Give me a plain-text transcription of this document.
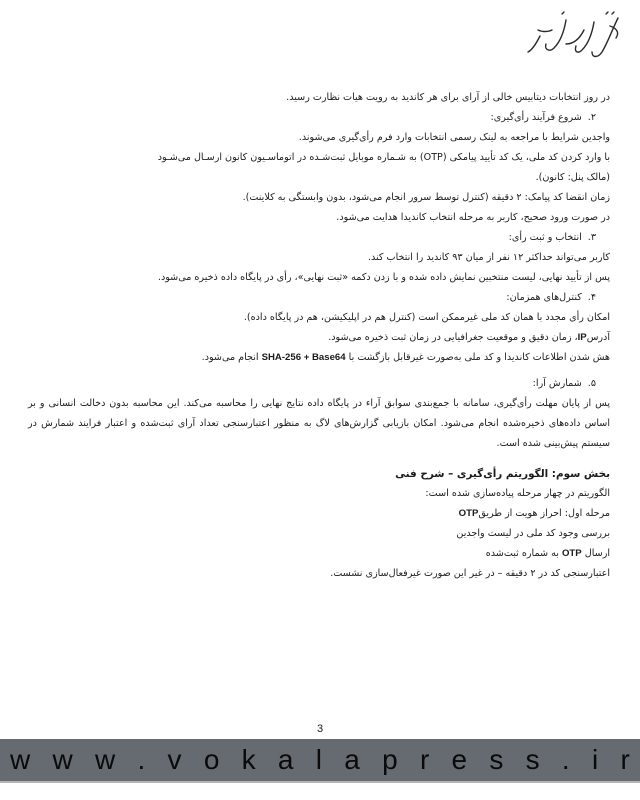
در روز انتخابات دیتابیس خالی از آرای برای هر کاندید به رویت هیات نظارت رسید.
۲.شروع فرآیند رأی‌گیری:
واجدین شرایط با مراجعه به لینک رسمی انتخابات وارد فرم رأی‌گیری می‌شوند.
با وارد کردن کد ملی، یک کد تأیید پیامکی (OTP) به شـماره موبایل ثبت‌شـده در اتوماسـیون کانون ارسـال می‌شـود
(مالک پنل: کانون).
زمان انقضا کد پیامک: ۲ دقیقه (کنترل توسط سرور انجام می‌شود، بدون وابستگی به کلاینت).
در صورت ورود صحیح، کاربر به مرحله انتخاب کاندیدا هدایت می‌شود.
۳.انتخاب و ثبت رأی:
کاربر می‌تواند حداکثر ۱۲ نفر از میان ۹۳ کاندید را انتخاب کند.
پس از تأیید نهایی، لیست منتخبین نمایش داده شده و با زدن دکمه «ثبت نهایی»، رأی در پایگاه داده ذخیره می‌شود.
۴.کنترل‌های همزمان:
امکان رأی مجدد با همان کد ملی غیرممکن است (کنترل هم در اپلیکیشن، هم در پایگاه داده).
آدرسIP، زمان دقیق و موقعیت جغرافیایی در زمان ثبت ذخیره می‌شود.
هش شدن اطلاعات کاندیدا و کد ملی به‌صورت غیرقابل بازگشت با SHA-256 + Base64 انجام می‌شود.
۵.شمارش آرا:
پس از پایان مهلت رأی‌گیری، سامانه با جمع‌بندی سوابق آراء در پایگاه داده نتایج نهایی را محاسبه می‌کند. این محاسبه بدون دخالت انسانی و بر اساس داده‌های ذخیره‌شده انجام می‌شود. امکان بازیابی گزارش‌های لاگ به منظور اعتبارسنجی تعداد آرای ثبت‌شده و اعتبار فرایند شمارش در سیستم پیش‌بینی شده است.
بخش سوم: الگوریتم رأی‌گیری – شرح فنی
الگوریتم در چهار مرحله پیاده‌سازی شده است:
مرحله اول: احراز هویت از طریقOTP
بررسی وجود کد ملی در لیست واجدین
ارسال OTP به شماره ثبت‌شده
اعتبارسنجی کد در ۲ دقیقه – در غیر این صورت غیرفعال‌سازی نشست.
3
w w w . v o k a l a p r e s s . i r
